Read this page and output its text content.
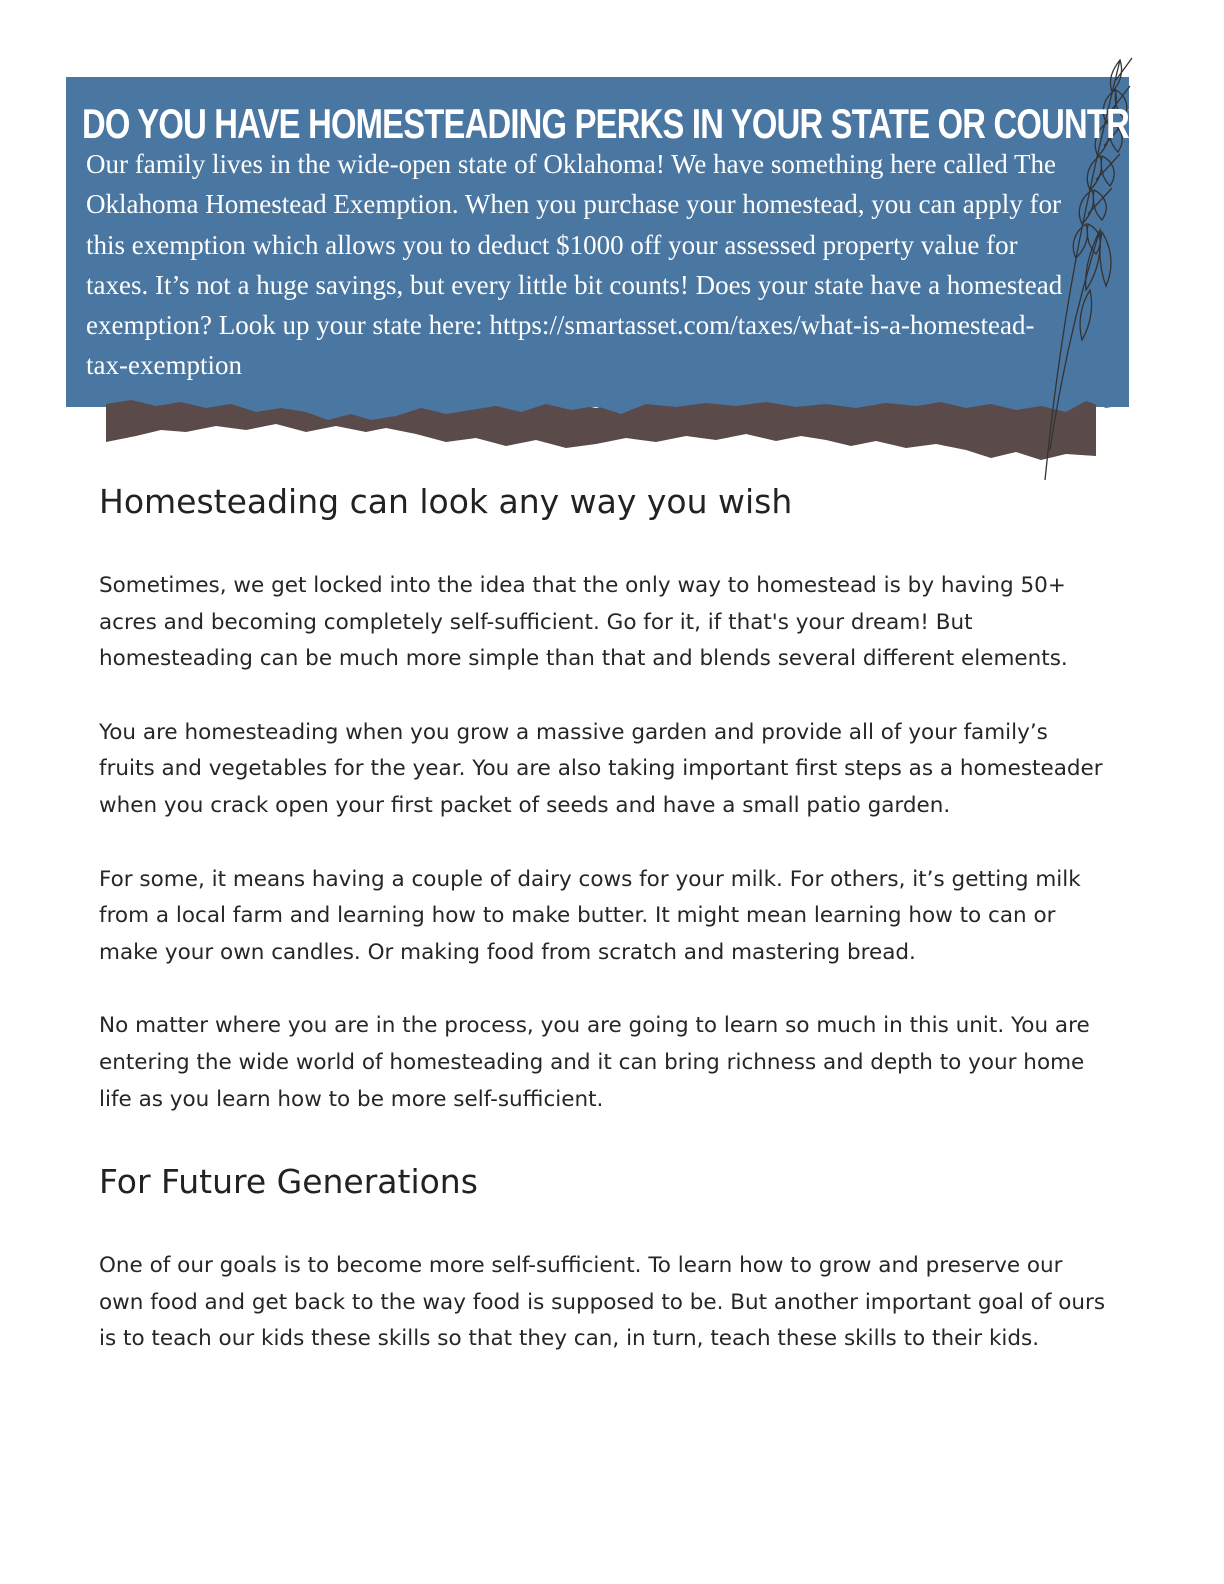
DO YOU HAVE HOMESTEADING PERKS IN YOUR STATE OR COUNTRY?

Our family lives in the wide-open state of Oklahoma! We have something here called The Oklahoma Homestead Exemption. When you purchase your homestead, you can apply for this exemption which allows you to deduct $1000 off your assessed property value for taxes. It’s not a huge savings, but every little bit counts! Does your state have a homestead exemption? Look up your state here: https://smartasset.com/taxes/what-is-a-homestead-tax-exemption

Homesteading can look any way you wish

Sometimes, we get locked into the idea that the only way to homestead is by having 50+ acres and becoming completely self-sufficient. Go for it, if that's your dream! But homesteading can be much more simple than that and blends several different elements.

You are homesteading when you grow a massive garden and provide all of your family’s fruits and vegetables for the year. You are also taking important first steps as a homesteader when you crack open your first packet of seeds and have a small patio garden.

For some, it means having a couple of dairy cows for your milk. For others, it’s getting milk from a local farm and learning how to make butter. It might mean learning how to can or make your own candles. Or making food from scratch and mastering bread.

No matter where you are in the process, you are going to learn so much in this unit. You are entering the wide world of homesteading and it can bring richness and depth to your home life as you learn how to be more self-sufficient.

For Future Generations

One of our goals is to become more self-sufficient. To learn how to grow and preserve our own food and get back to the way food is supposed to be. But another important goal of ours is to teach our kids these skills so that they can, in turn, teach these skills to their kids.
